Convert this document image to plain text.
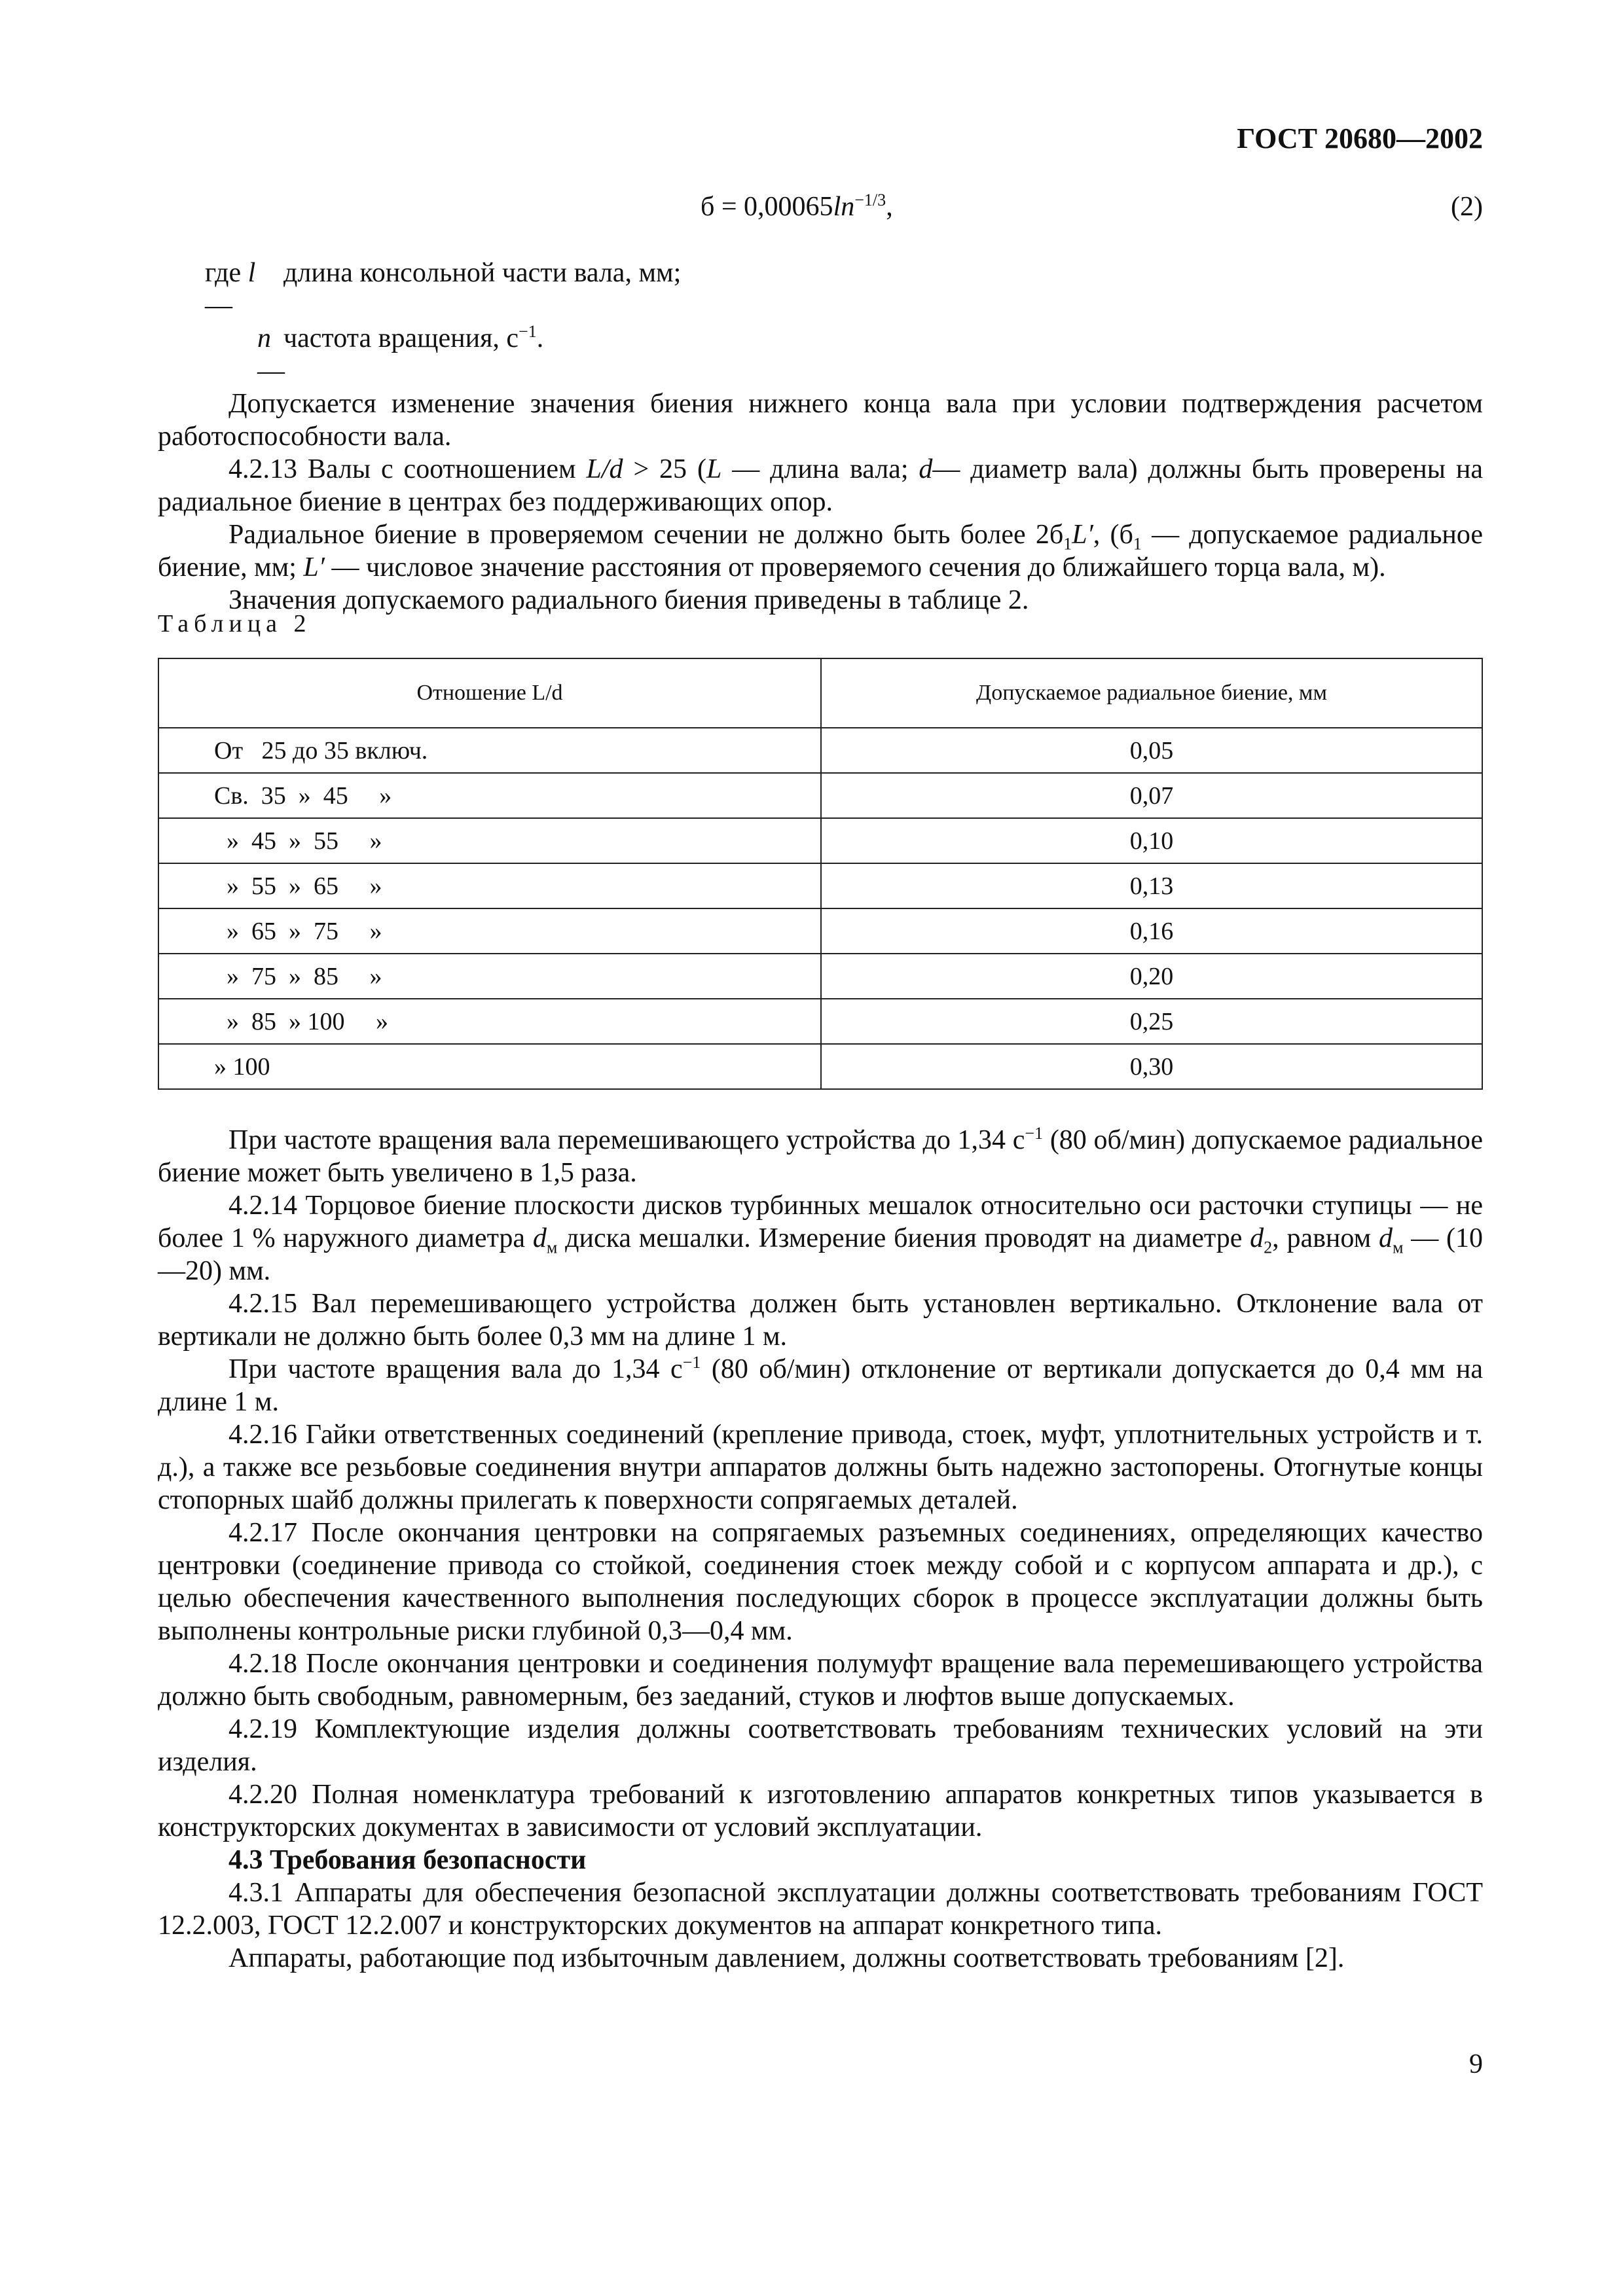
ГОСТ 20680—2002
$б = 0,00065\ln^{-1/3}$,	(2)
где l —
длина консольной части вала, мм;
n —
частота вращения, $с^{-1}$.

Допускается изменение значения биения нижнего конца вала при условии подтверждения расчетом работоспособности вала.

4.2.13 Валы с соотношением L/d > 25 (L — длина вала; d— диаметр вала) должны быть проверены на радиальное биение в центрах без поддерживающих опор.

Радиальное биение в проверяемом сечении не должно быть более $2б_1L'$, ($б_1$ — допускаемое радиальное биение, мм; L′ — числовое значение расстояния от проверяемого сечения до ближайшего торца вала, м).

Значения допускаемого радиального биения приведены в таблице 2.

Таблица 2
Отношение L/d	Допускаемое радиальное биение, мм
От   25 до 35 включ.	0,05
Св.  35  »  45     »	0,07
»  45  »  55     »	0,10
»  55  »  65     »	0,13
»  65  »  75     »	0,16
»  75  »  85     »	0,20
»  85  » 100     »	0,25
» 100	0,30

При частоте вращения вала перемешивающего устройства до 1,34 $с^{-1}$ (80 об/мин) допускаемое радиальное биение может быть увеличено в 1,5 раза.

4.2.14 Торцовое биение плоскости дисков турбинных мешалок относительно оси расточки ступицы — не более 1 % наружного диаметра $d_м$ диска мешалки. Измерение биения проводят на диаметре $d_2$, равном $d_м$ — (10—20) мм.

4.2.15 Вал перемешивающего устройства должен быть установлен вертикально. Отклонение вала от вертикали не должно быть более 0,3 мм на длине 1 м.

При частоте вращения вала до 1,34 $с^{-1}$ (80 об/мин) отклонение от вертикали допускается до 0,4 мм на длине 1 м.

4.2.16 Гайки ответственных соединений (крепление привода, стоек, муфт, уплотнительных устройств и т. д.), а также все резьбовые соединения внутри аппаратов должны быть надежно застопорены. Отогнутые концы стопорных шайб должны прилегать к поверхности сопрягаемых деталей.

4.2.17 После окончания центровки на сопрягаемых разъемных соединениях, определяющих качество центровки (соединение привода со стойкой, соединения стоек между собой и с корпусом аппарата и др.), с целью обеспечения качественного выполнения последующих сборок в процессе эксплуатации должны быть выполнены контрольные риски глубиной 0,3—0,4 мм.

4.2.18 После окончания центровки и соединения полумуфт вращение вала перемешивающего устройства должно быть свободным, равномерным, без заеданий, стуков и люфтов выше допускаемых.

4.2.19 Комплектующие изделия должны соответствовать требованиям технических условий на эти изделия.

4.2.20 Полная номенклатура требований к изготовлению аппаратов конкретных типов указывается в конструкторских документах в зависимости от условий эксплуатации.

4.3 Требования безопасности

4.3.1 Аппараты для обеспечения безопасной эксплуатации должны соответствовать требованиям ГОСТ 12.2.003, ГОСТ 12.2.007 и конструкторских документов на аппарат конкретного типа.

Аппараты, работающие под избыточным давлением, должны соответствовать требованиям [2].

9
